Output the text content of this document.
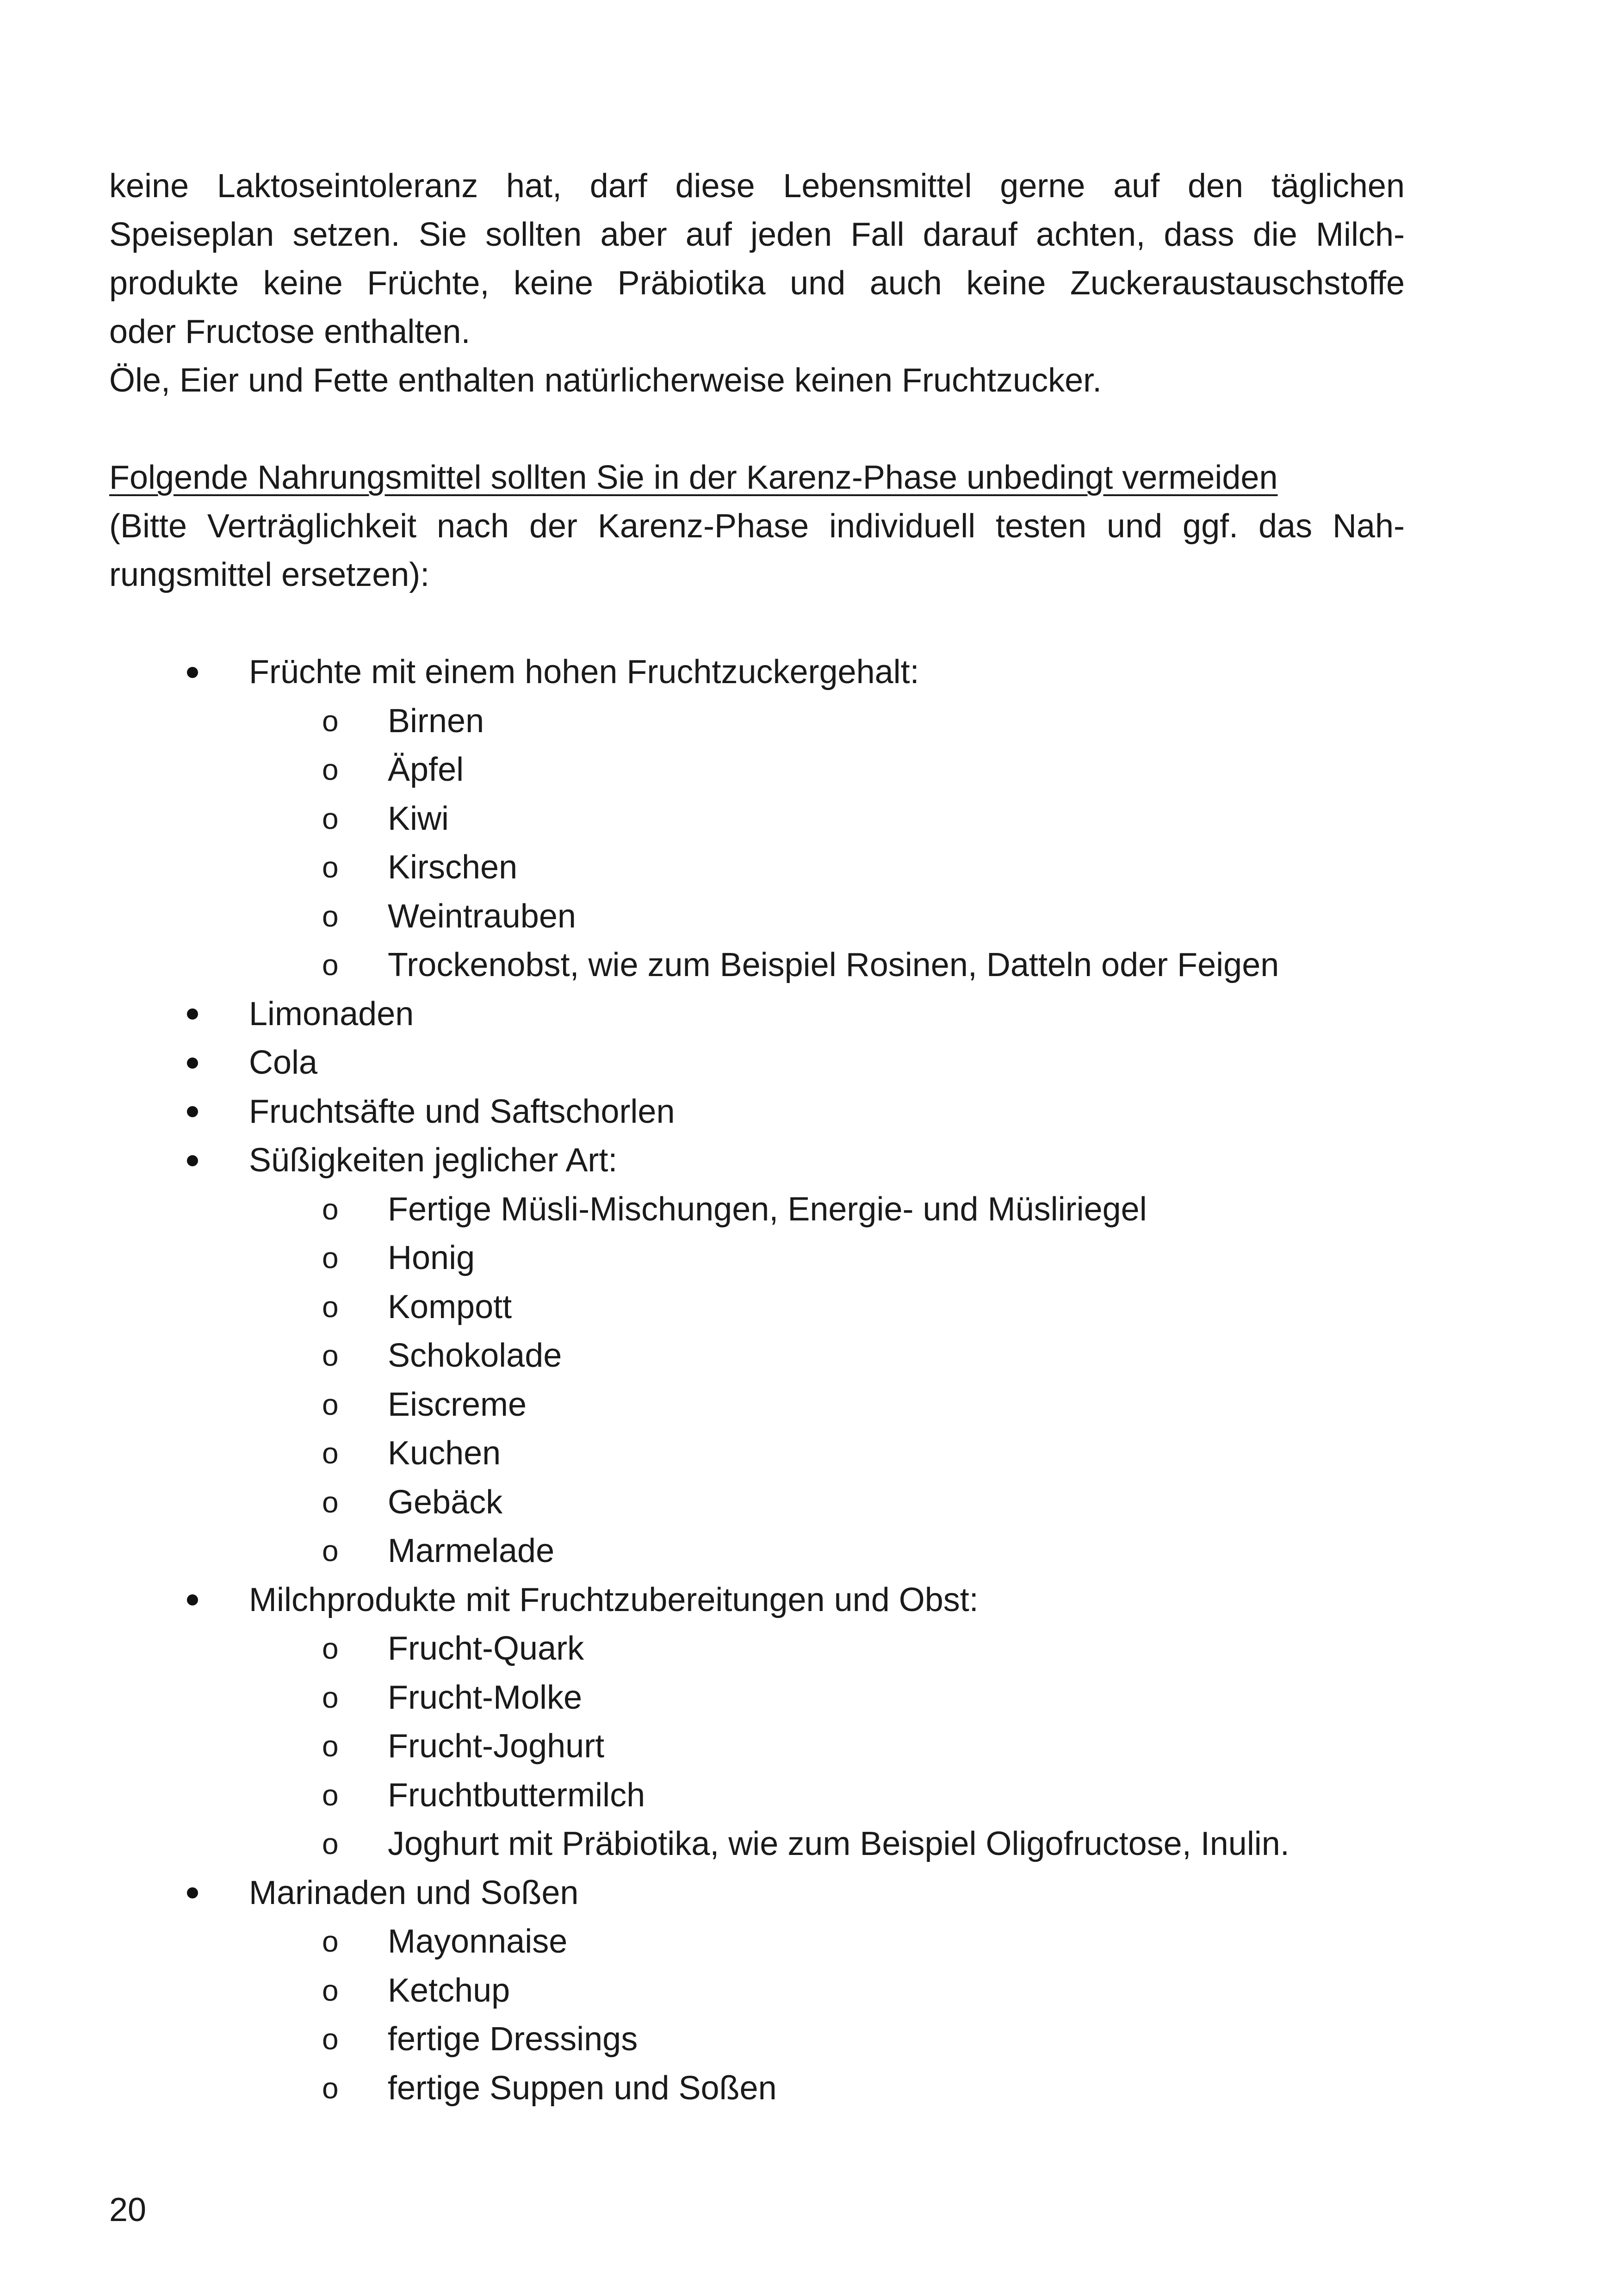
keine Laktoseintoleranz hat, darf diese Lebensmittel gerne auf den täglichen
Speiseplan setzen. Sie sollten aber auf jeden Fall darauf achten, dass die Milch-
produkte keine Früchte, keine Präbiotika und auch keine Zuckeraustauschstoffe
oder Fructose enthalten.
Öle, Eier und Fette enthalten natürlicherweise keinen Fruchtzucker.

Folgende Nahrungsmittel sollten Sie in der Karenz-Phase unbedingt vermeiden
(Bitte Verträglichkeit nach der Karenz-Phase individuell testen und ggf. das Nah-
rungsmittel ersetzen):
Früchte mit einem hohen Fruchtzuckergehalt:
o	Birnen
o	Äpfel
o	Kiwi
o	Kirschen
o	Weintrauben
o	Trockenobst, wie zum Beispiel Rosinen, Datteln oder Feigen
Limonaden
Cola
Fruchtsäfte und Saftschorlen
Süßigkeiten jeglicher Art:
o	Fertige Müsli-Mischungen, Energie- und Müsliriegel
o	Honig
o	Kompott
o	Schokolade
o	Eiscreme
o	Kuchen
o	Gebäck
o	Marmelade
Milchprodukte mit Fruchtzubereitungen und Obst:
o	Frucht-Quark
o	Frucht-Molke
o	Frucht-Joghurt
o	Fruchtbuttermilch
o	Joghurt mit Präbiotika, wie zum Beispiel Oligofructose, Inulin.
Marinaden und Soßen
o	Mayonnaise
o	Ketchup
o	fertige Dressings
o	fertige Suppen und Soßen
20
